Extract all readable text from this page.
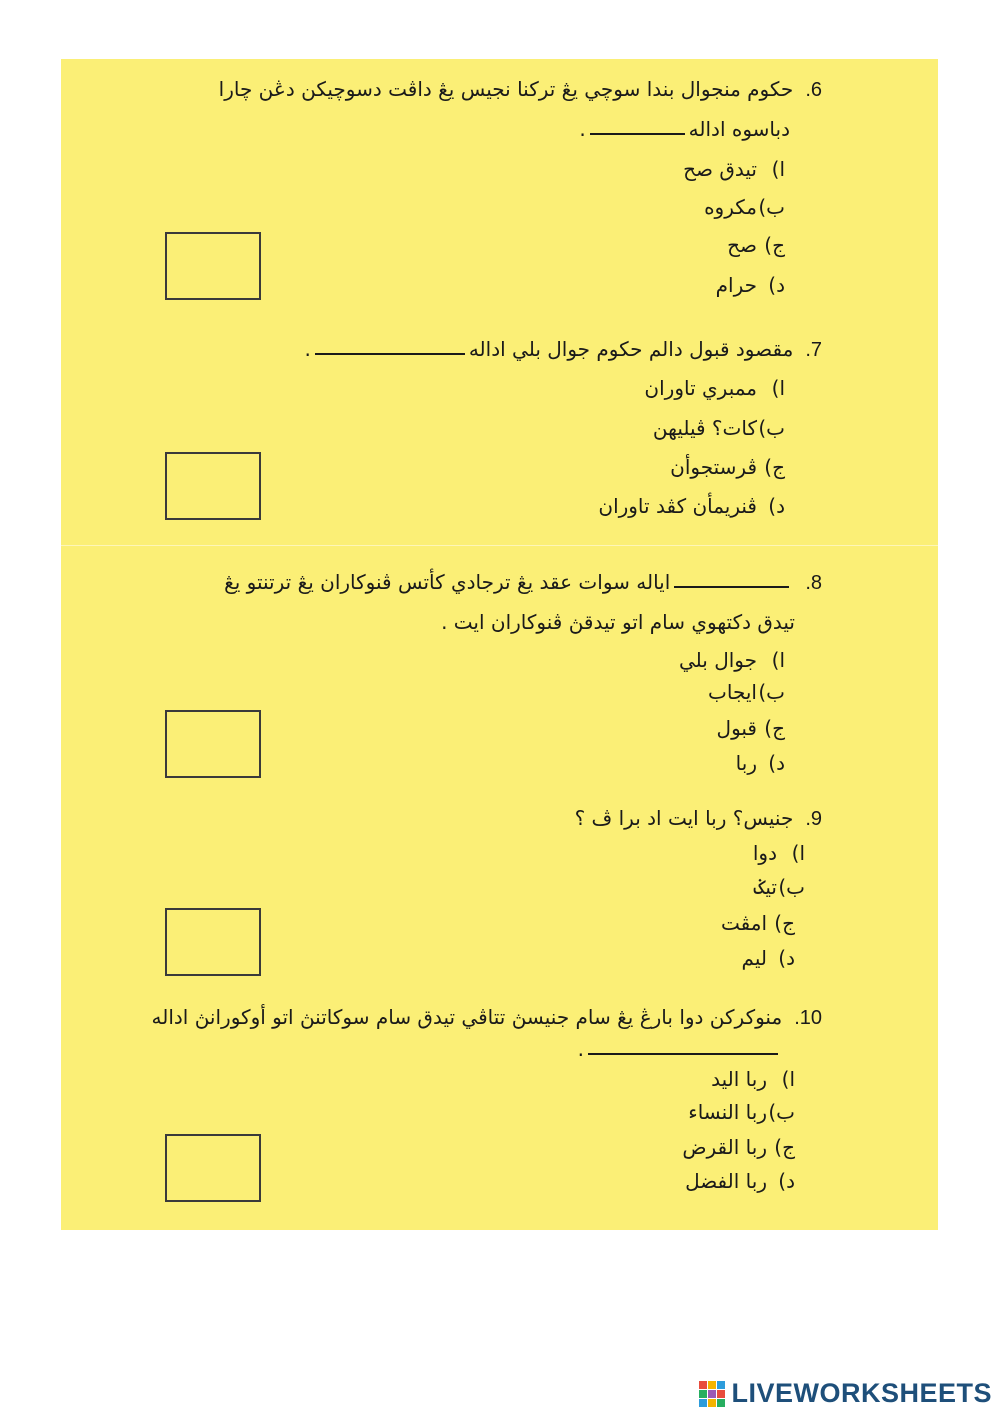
6.حكوم منجوال بندا سوچي يڠ تركنا نجيس يڠ داڤت دسوچيكن دڠن چارا
دباسوه اداله.
ا)تيدق صح
ب)مكروه
ج)صح
د)حرام
7.مقصود قبول دالم حكوم جوال بلي اداله.
ا)ممبري تاوران
ب)كات؟ ڤيليهن
ج)ڤرستجوأن
د)ڤنريمأن كڤد تاوران
8.اياله سوات عقد يڠ ترجادي كأتس ڤنوكاران يڠ ترتنتو يڠ
تيدق دكتهوي سام اتو تيدقڽ ڤنوكاران ايت .
ا)جوال بلي
ب)ايجاب
ج)قبول
د)ربا
9.جنيس؟ ربا ايت اد برا ڤ ؟
ا)دوا
ب)تيݢ
ج)امڤت
د)ليم
10.منوكركن دوا بارڠ يڠ سام جنيسڽ تتاڤي تيدق سام سوكاتنڽ اتو أوكورانڽ اداله
.
ا)ربا اليد
ب)ربا النساء
ج)ربا القرض
د)ربا الفضل
LIVEWORKSHEETS
